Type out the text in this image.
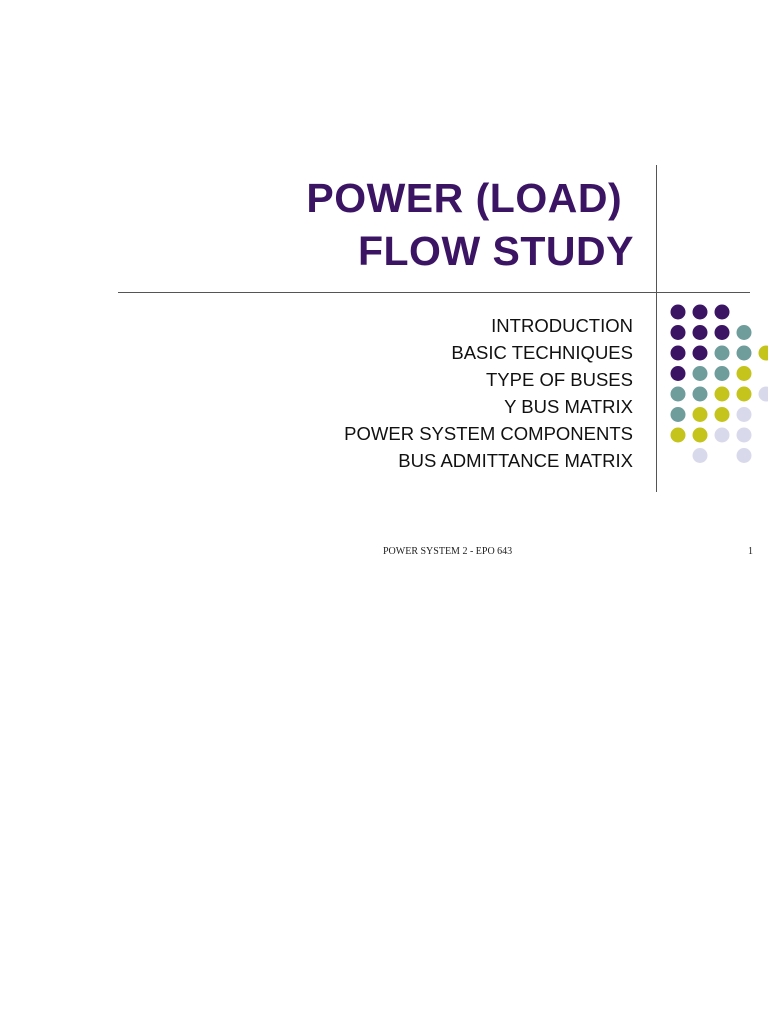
POWER (LOAD)
FLOW STUDY
INTRODUCTION
BASIC TECHNIQUES
TYPE OF BUSES
Y BUS MATRIX
POWER SYSTEM COMPONENTS
BUS ADMITTANCE MATRIX
POWER SYSTEM 2 - EPO 643	1
